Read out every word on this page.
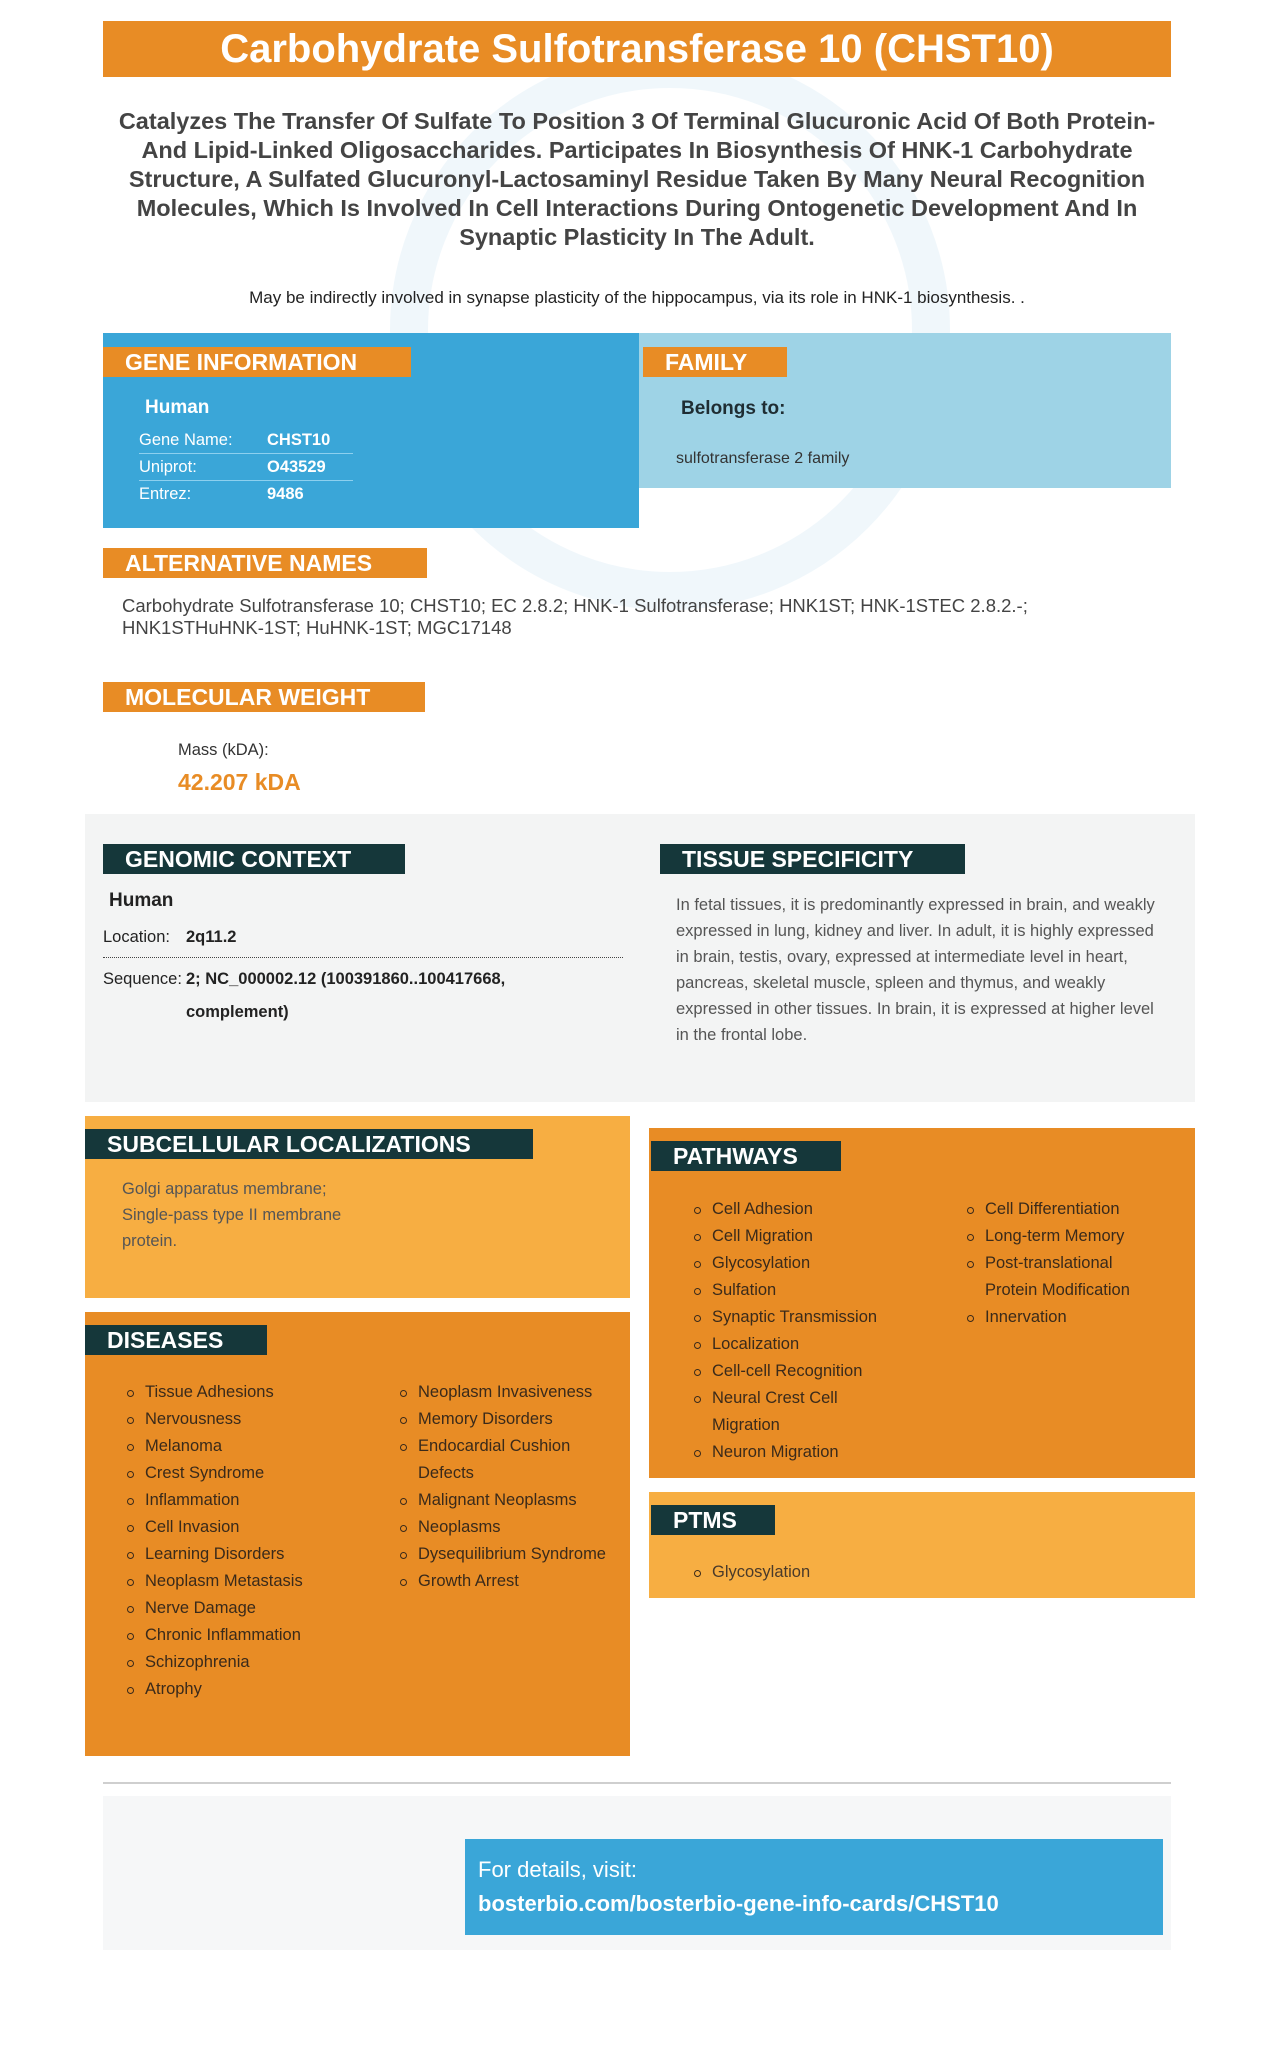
Carbohydrate Sulfotransferase 10 (CHST10)
Catalyzes The Transfer Of Sulfate To Position 3 Of Terminal Glucuronic Acid Of Both Protein- And Lipid-Linked Oligosaccharides. Participates In Biosynthesis Of HNK-1 Carbohydrate Structure, A Sulfated Glucuronyl-Lactosaminyl Residue Taken By Many Neural Recognition Molecules, Which Is Involved In Cell Interactions During Ontogenetic Development And In Synaptic Plasticity In The Adult.
May be indirectly involved in synapse plasticity of the hippocampus, via its role in HNK-1 biosynthesis. .
GENE INFORMATION
Human
Gene Name:	CHST10
Uniprot:	O43529
Entrez:	9486
FAMILY
Belongs to:
sulfotransferase 2 family
ALTERNATIVE NAMES
Carbohydrate Sulfotransferase 10; CHST10; EC 2.8.2; HNK-1 Sulfotransferase; HNK1ST; HNK-1STEC 2.8.2.-; HNK1STHuHNK-1ST; HuHNK-1ST; MGC17148
MOLECULAR WEIGHT
Mass (kDA):
42.207 kDA
GENOMIC CONTEXT
Human
Location: 2q11.2
Sequence: 2; NC_000002.12 (100391860..100417668, complement)
TISSUE SPECIFICITY
In fetal tissues, it is predominantly expressed in brain, and weakly expressed in lung, kidney and liver. In adult, it is highly expressed in brain, testis, ovary, expressed at intermediate level in heart, pancreas, skeletal muscle, spleen and thymus, and weakly expressed in other tissues. In brain, it is expressed at higher level in the frontal lobe.
SUBCELLULAR LOCALIZATIONS
Golgi apparatus membrane; Single-pass type II membrane protein.
DISEASES
Tissue Adhesions
Nervousness
Melanoma
Crest Syndrome
Inflammation
Cell Invasion
Learning Disorders
Neoplasm Metastasis
Nerve Damage
Chronic Inflammation
Schizophrenia
Atrophy
Neoplasm Invasiveness
Memory Disorders
Endocardial Cushion Defects
Malignant Neoplasms
Neoplasms
Dysequilibrium Syndrome
Growth Arrest
PATHWAYS
Cell Adhesion
Cell Migration
Glycosylation
Sulfation
Synaptic Transmission
Localization
Cell-cell Recognition
Neural Crest Cell Migration
Neuron Migration
Cell Differentiation
Long-term Memory
Post-translational Protein Modification
Innervation
PTMS
Glycosylation
For details, visit:
bosterbio.com/bosterbio-gene-info-cards/CHST10
